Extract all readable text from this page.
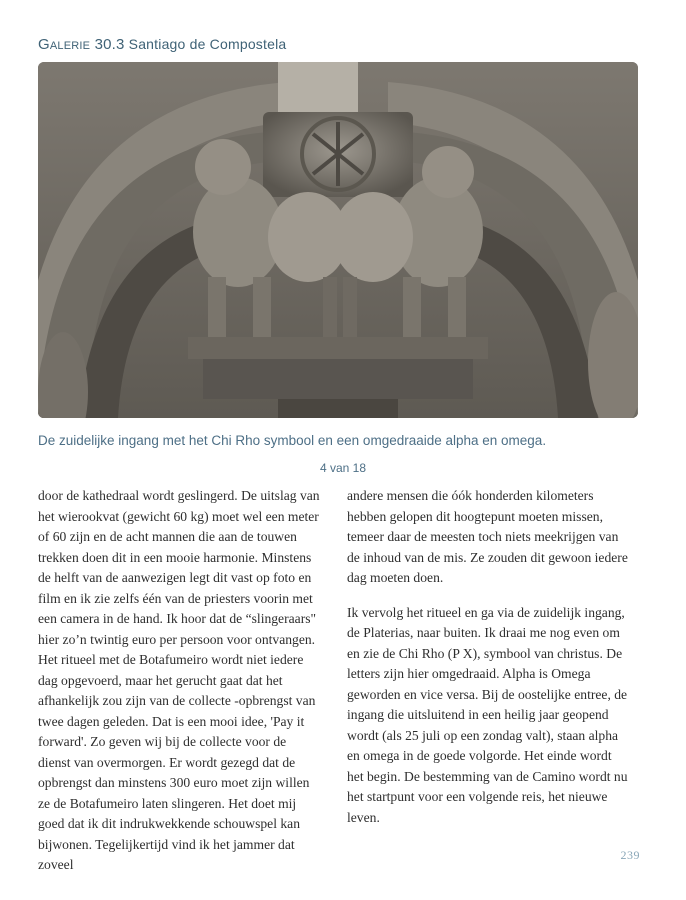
Galerie 30.3 Santiago de Compostela
De zuidelijke ingang met het Chi Rho symbool en een omgedraaide alpha en omega.
4 van 18

door de kathedraal wordt geslingerd. De uitslag van het wierookvat (gewicht 60 kg) moet wel een meter of 60 zijn en de acht mannen die aan de touwen trekken doen dit in een mooie harmonie. Minstens de helft van de aanwezigen legt dit vast op foto en film en ik zie zelfs één van de priesters voorin met een camera in de hand. Ik hoor dat de “slingeraars" hier zo’n twintig euro per persoon voor ontvangen. Het ritueel met de Botafumeiro wordt niet iedere dag opgevoerd, maar het gerucht gaat dat het afhankelijk zou zijn van de collecte -opbrengst van twee dagen geleden. Dat is een mooi idee, 'Pay it forward'. Zo geven wij bij de collecte voor de dienst van overmorgen. Er wordt gezegd dat de opbrengst dan minstens 300 euro moet zijn willen ze de Botafumeiro laten slingeren. Het doet mij goed dat ik dit indrukwekkende schouwspel kan bijwonen. Tegelijkertijd vind ik het jammer dat zoveel

andere mensen die óók honderden kilometers hebben gelopen dit hoogtepunt moeten missen, temeer daar de meesten toch niets meekrijgen van de inhoud van de mis. Ze zouden dit gewoon iedere dag moeten doen.

Ik vervolg het ritueel en ga via de zuidelijk ingang, de Platerias, naar buiten. Ik draai me nog even om en zie de Chi Rho (P X), symbool van christus. De letters zijn hier omgedraaid. Alpha is Omega geworden en vice versa. Bij de oostelijke entree, de ingang die uitsluitend in een heilig jaar geopend wordt (als 25 juli op een zondag valt), staan alpha en omega in de goede volgorde. Het einde wordt het begin. De bestemming van de Camino wordt nu het startpunt voor een volgende reis, het nieuwe leven.

239
